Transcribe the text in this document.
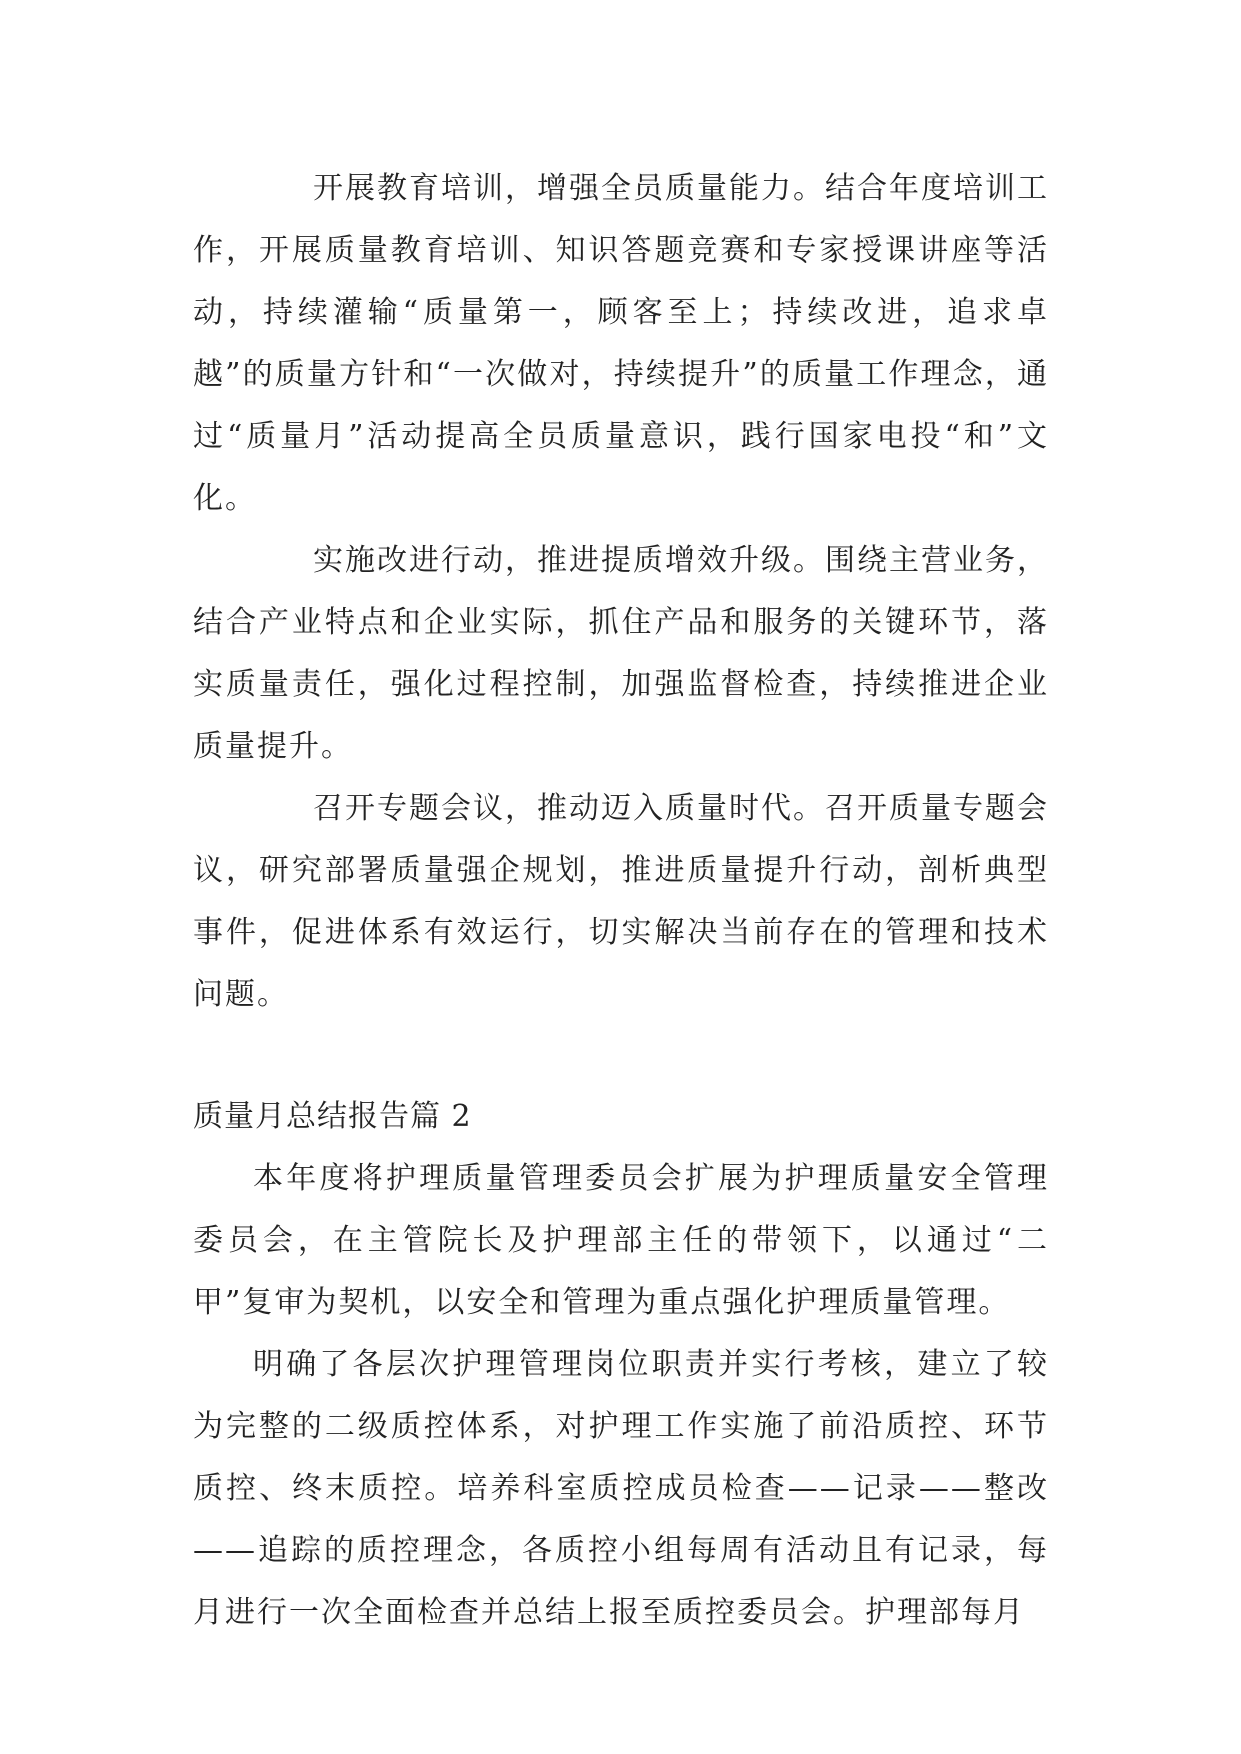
开展教育培训，增强全员质量能力。结合年度培训工作，开展质量教育培训、知识答题竞赛和专家授课讲座等活动，持续灌输“质量第一，顾客至上；持续改进，追求卓越”的质量方针和“一次做对，持续提升”的质量工作理念，通过“质量月”活动提高全员质量意识，践行国家电投“和”文化。

实施改进行动，推进提质增效升级。围绕主营业务，结合产业特点和企业实际，抓住产品和服务的关键环节，落实质量责任，强化过程控制，加强监督检查，持续推进企业质量提升。

召开专题会议，推动迈入质量时代。召开质量专题会议，研究部署质量强企规划，推进质量提升行动，剖析典型事件，促进体系有效运行，切实解决当前存在的管理和技术问题。

质量月总结报告篇 2

本年度将护理质量管理委员会扩展为护理质量安全管理委员会，在主管院长及护理部主任的带领下，以通过“二甲”复审为契机，以安全和管理为重点强化护理质量管理。

明确了各层次护理管理岗位职责并实行考核，建立了较为完整的二级质控体系，对护理工作实施了前沿质控、环节质控、终末质控。培养科室质控成员检查——记录——整改——追踪的质控理念，各质控小组每周有活动且有记录，每月进行一次全面检查并总结上报至质控委员会。护理部每月
